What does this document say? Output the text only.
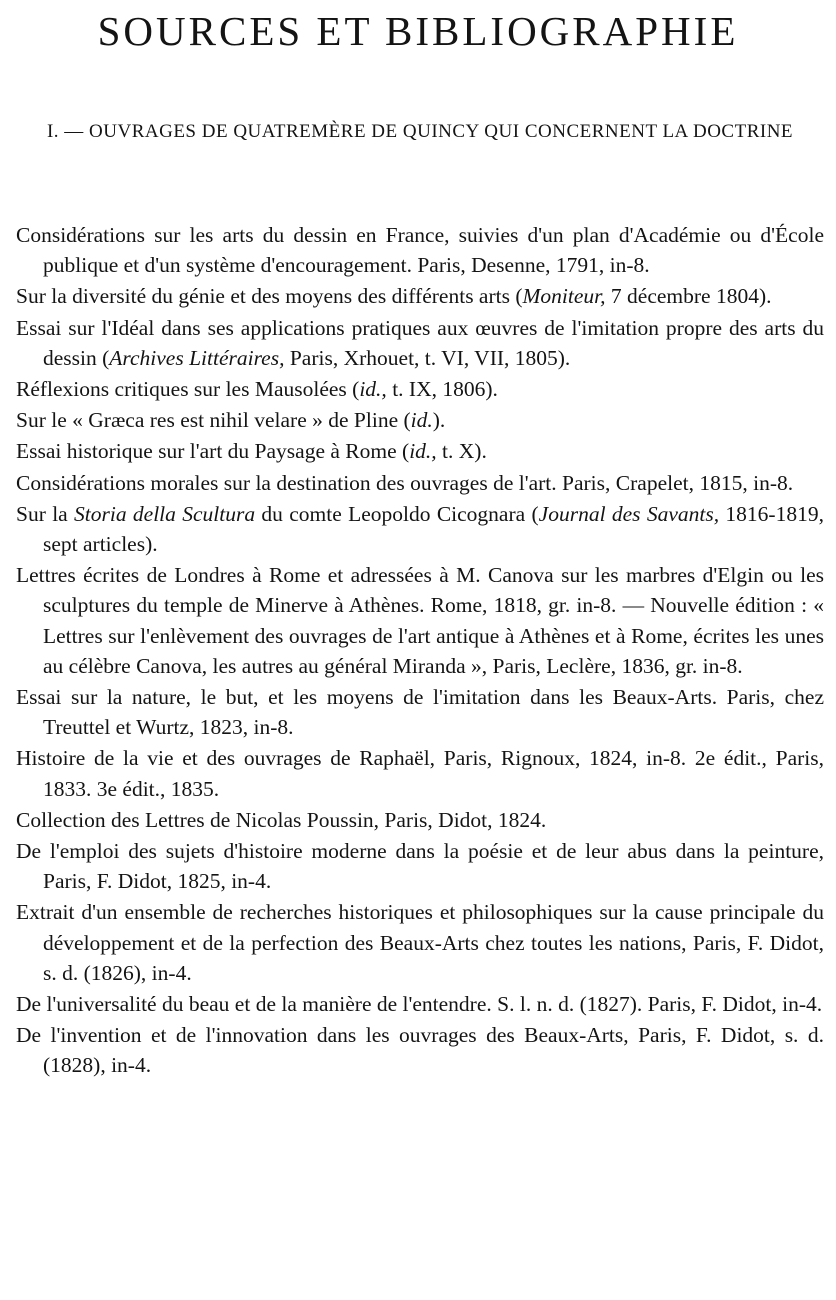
SOURCES ET BIBLIOGRAPHIE
I. — OUVRAGES DE QUATREMÈRE DE QUINCY QUI CONCERNENT LA DOCTRINE
Considérations sur les arts du dessin en France, suivies d'un plan d'Académie ou d'École publique et d'un système d'encouragement. Paris, Desenne, 1791, in-8.
Sur la diversité du génie et des moyens des différents arts (Moniteur, 7 décembre 1804).
Essai sur l'Idéal dans ses applications pratiques aux œuvres de l'imitation propre des arts du dessin (Archives Littéraires, Paris, Xrhouet, t. VI, VII, 1805).
Réflexions critiques sur les Mausolées (id., t. IX, 1806).
Sur le « Græca res est nihil velare » de Pline (id.).
Essai historique sur l'art du Paysage à Rome (id., t. X).
Considérations morales sur la destination des ouvrages de l'art. Paris, Crapelet, 1815, in-8.
Sur la Storia della Scultura du comte Leopoldo Cicognara (Journal des Savants, 1816-1819, sept articles).
Lettres écrites de Londres à Rome et adressées à M. Canova sur les marbres d'Elgin ou les sculptures du temple de Minerve à Athènes. Rome, 1818, gr. in-8. — Nouvelle édition : « Lettres sur l'enlèvement des ouvrages de l'art antique à Athènes et à Rome, écrites les unes au célèbre Canova, les autres au général Miranda », Paris, Leclère, 1836, gr. in-8.
Essai sur la nature, le but, et les moyens de l'imitation dans les Beaux-Arts. Paris, chez Treuttel et Wurtz, 1823, in-8.
Histoire de la vie et des ouvrages de Raphaël, Paris, Rignoux, 1824, in-8. 2e édit., Paris, 1833. 3e édit., 1835.
Collection des Lettres de Nicolas Poussin, Paris, Didot, 1824.
De l'emploi des sujets d'histoire moderne dans la poésie et de leur abus dans la peinture, Paris, F. Didot, 1825, in-4.
Extrait d'un ensemble de recherches historiques et philosophiques sur la cause principale du développement et de la perfection des Beaux-Arts chez toutes les nations, Paris, F. Didot, s. d. (1826), in-4.
De l'universalité du beau et de la manière de l'entendre. S. l. n. d. (1827). Paris, F. Didot, in-4.
De l'invention et de l'innovation dans les ouvrages des Beaux-Arts, Paris, F. Didot, s. d. (1828), in-4.
